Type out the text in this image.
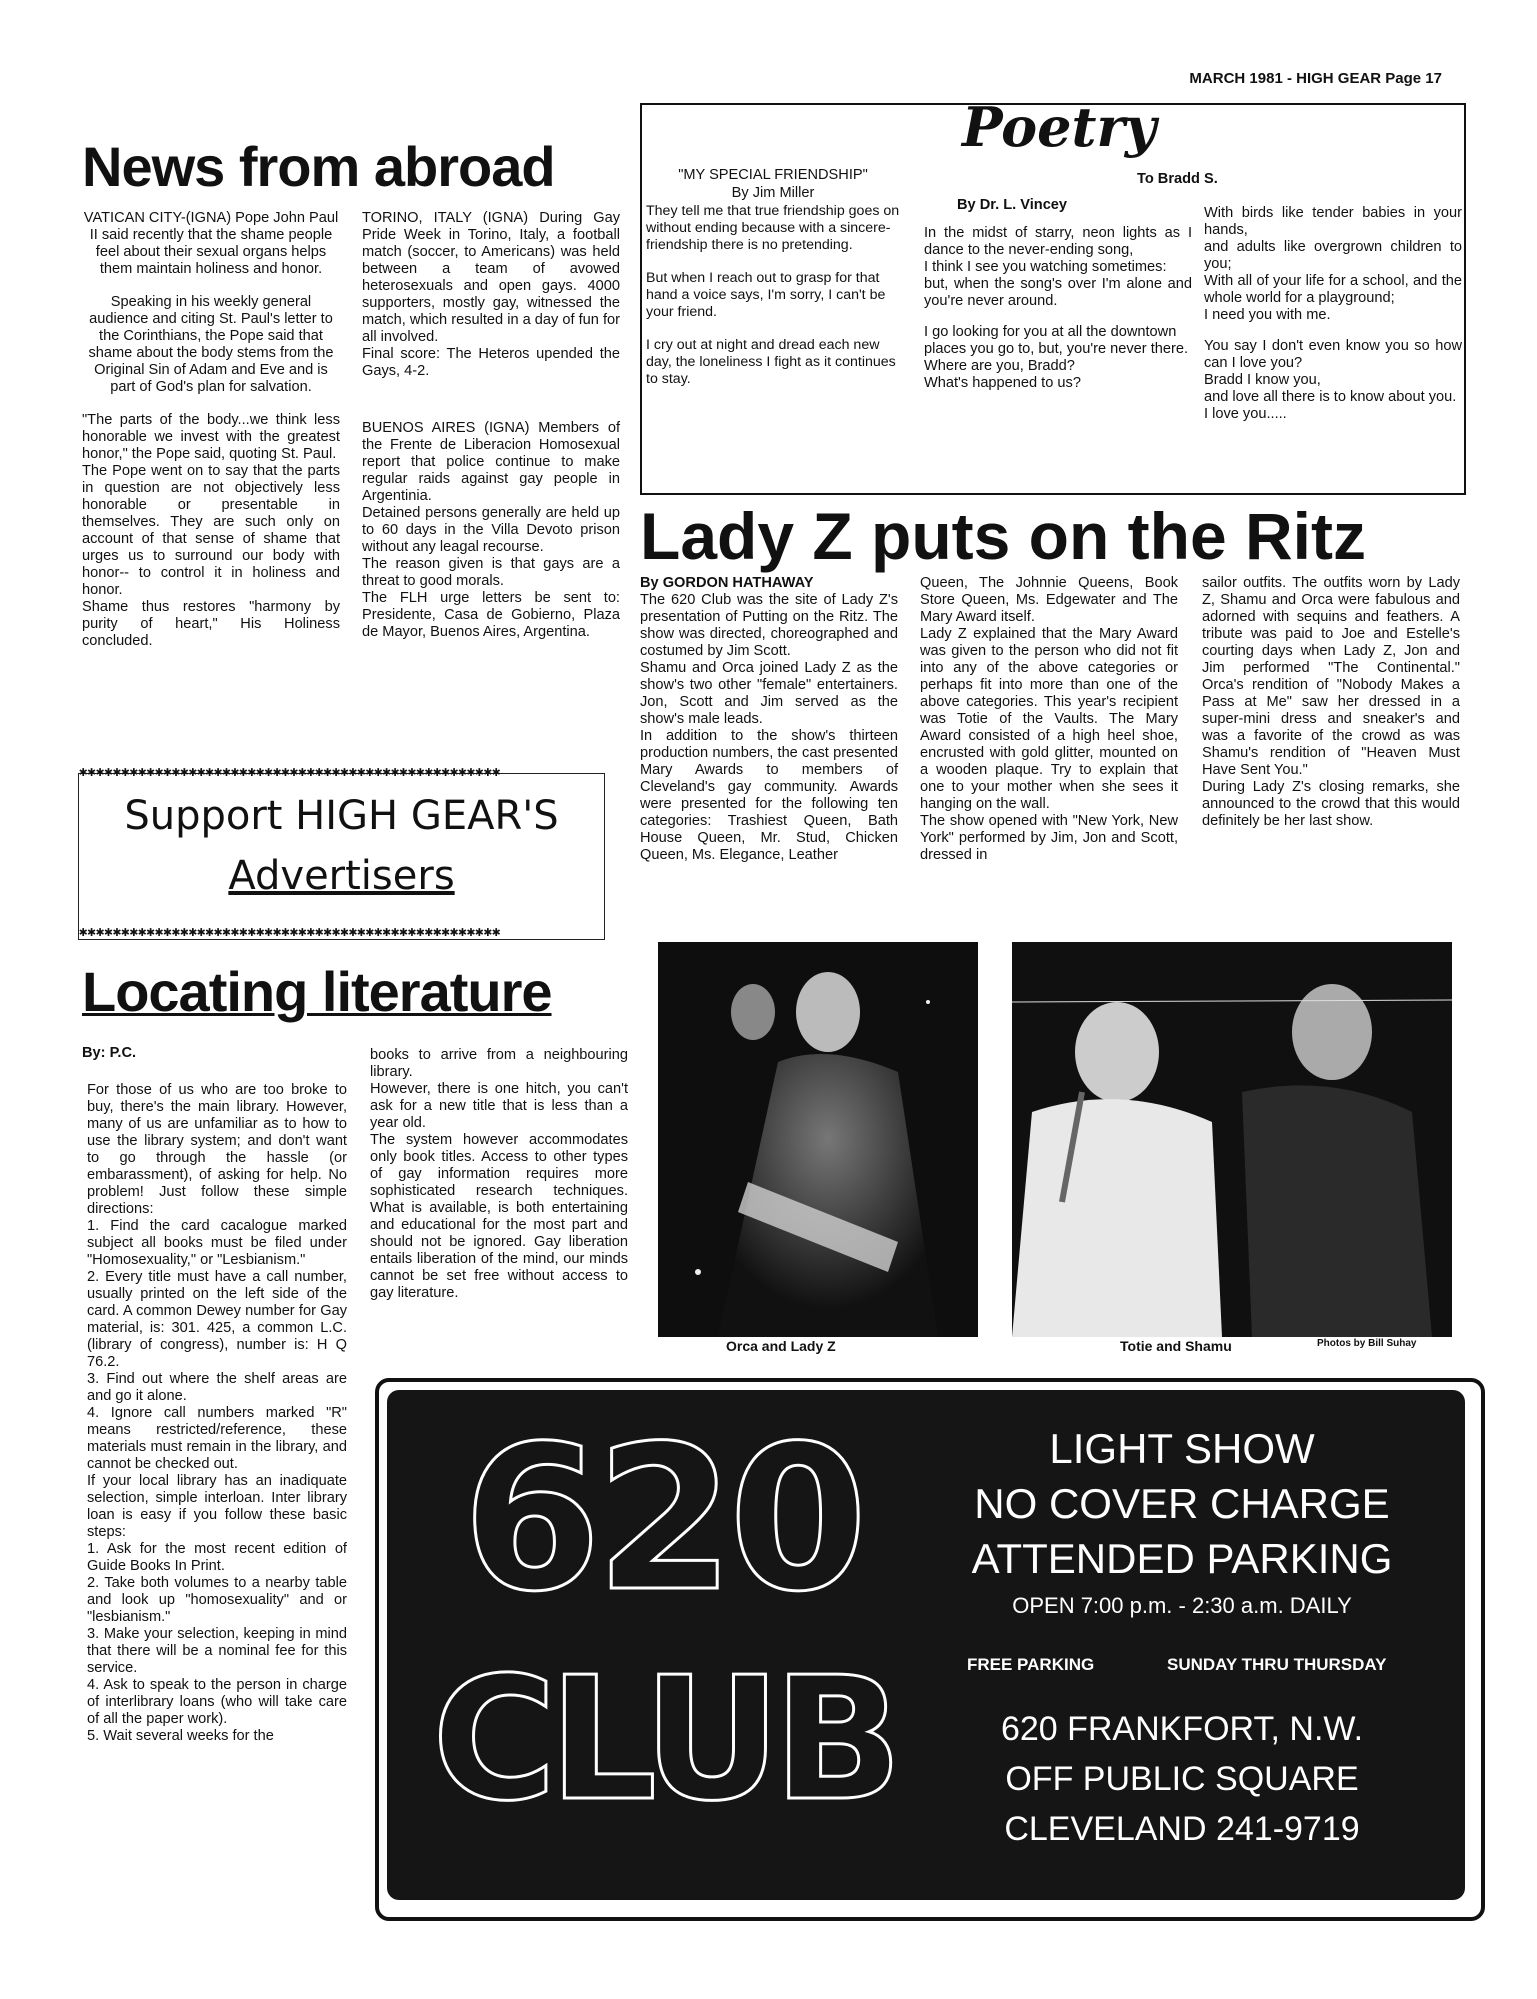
MARCH 1981 - HIGH GEAR Page 17
News from abroad

VATICAN CITY-(IGNA) Pope John Paul II said recently that the shame people feel about their sexual organs helps them maintain holiness and honor.

Speaking in his weekly general audience and citing St. Paul's letter to the Corinthians, the Pope said that shame about the body stems from the Original Sin of Adam and Eve and is part of God's plan for salvation.

"The parts of the body...we think less honorable we invest with the greatest honor," the Pope said, quoting St. Paul.
The Pope went on to say that the parts in question are not objectively less honorable or presentable in themselves. They are such only on account of that sense of shame that urges us to surround our body with honor-- to control it in holiness and honor.
Shame thus restores "harmony by purity of heart," His Holiness concluded.

TORINO, ITALY (IGNA) During Gay Pride Week in Torino, Italy, a football match (soccer, to Americans) was held between a team of avowed heterosexuals and open gays. 4000 supporters, mostly gay, witnessed the match, which resulted in a day of fun for all involved.
Final score: The Heteros upended the Gays, 4-2.

BUENOS AIRES (IGNA) Members of the Frente de Liberacion Homosexual report that police continue to make regular raids against gay people in Argentinia.
Detained persons generally are held up to 60 days in the Villa Devoto prison without any leagal recourse.
The reason given is that gays are a threat to good morals.
The FLH urge letters be sent to: Presidente, Casa de Gobierno, Plaza de Mayor, Buenos Aires, Argentina.

✱✱✱✱✱✱✱✱✱✱✱✱✱✱✱✱✱✱✱✱✱✱✱✱✱✱✱✱✱✱✱✱✱✱✱✱✱✱✱✱✱✱✱✱✱✱✱✱✱✱
✱✱✱✱✱✱✱✱✱✱✱✱✱✱✱✱✱✱✱✱✱✱✱✱✱✱✱✱✱✱✱✱✱✱✱✱✱✱✱✱✱✱✱✱✱✱✱✱✱✱
Support HIGH GEAR'S
Advertisers
Poetry
To Bradd S.
"MY SPECIAL FRIENDSHIP"
By Jim Miller

They tell me that true friendship goes on without ending because with a sincere-friendship there is no pretending.

But when I reach out to grasp for that hand a voice says, I'm sorry, I can't be your friend.

I cry out at night and dread each new day, the loneliness I fight as it continues to stay.

By Dr. L. Vincey

In the midst of starry, neon lights as I dance to the never-ending song,
I think I see you watching sometimes:
but, when the song's over I'm alone and you're never around.

I go looking for you at all the downtown places you go to, but, you're never there.
Where are you, Bradd?
What's happened to us?

With birds like tender babies in your hands,
and adults like overgrown children to you;
With all of your life for a school, and the whole world for a playground;
I need you with me.

You say I don't even know you so how can I love you?
Bradd I know you,
and love all there is to know about you.
I love you.....

Lady Z puts on the Ritz
By GORDON HATHAWAY

The 620 Club was the site of Lady Z's presentation of Putting on the Ritz. The show was directed, choreographed and costumed by Jim Scott.
Shamu and Orca joined Lady Z as the show's two other "female" entertainers. Jon, Scott and Jim served as the show's male leads.
In addition to the show's thirteen production numbers, the cast presented Mary Awards to members of Cleveland's gay community. Awards were presented for the following ten categories: Trashiest Queen, Bath House Queen, Mr. Stud, Chicken Queen, Ms. Elegance, Leather

Queen, The Johnnie Queens, Book Store Queen, Ms. Edgewater and The Mary Award itself.
Lady Z explained that the Mary Award was given to the person who did not fit into any of the above categories or perhaps fit into more than one of the above categories. This year's recipient was Totie of the Vaults. The Mary Award consisted of a high heel shoe, encrusted with gold glitter, mounted on a wooden plaque. Try to explain that one to your mother when she sees it hanging on the wall.
The show opened with "New York, New York" performed by Jim, Jon and Scott, dressed in

sailor outfits. The outfits worn by Lady Z, Shamu and Orca were fabulous and adorned with sequins and feathers. A tribute was paid to Joe and Estelle's courting days when Lady Z, Jon and Jim performed "The Continental." Orca's rendition of "Nobody Makes a Pass at Me" saw her dressed in a super-mini dress and sneaker's and was a favorite of the crowd as was Shamu's rendition of "Heaven Must Have Sent You."
During Lady Z's closing remarks, she announced to the crowd that this would definitely be her last show.

Orca and Lady Z	Totie and Shamu	Photos by Bill Suhay
Locating literature
By: P.C.

For those of us who are too broke to buy, there's the main library. However, many of us are unfamiliar as to how to use the library system; and don't want to go through the hassle (or embarassment), of asking for help. No problem! Just follow these simple directions:
1. Find the card cacalogue marked subject all books must be filed under "Homosexuality," or "Lesbianism."
2. Every title must have a call number, usually printed on the left side of the card. A common Dewey number for Gay material, is: 301. 425, a common L.C. (library of congress), number is: H Q 76.2.
3. Find out where the shelf areas are and go it alone.
4. Ignore call numbers marked "R" means restricted/reference, these materials must remain in the library, and cannot be checked out.
If your local library has an inadiquate selection, simple interloan. Inter library loan is easy if you follow these basic steps:
1. Ask for the most recent edition of Guide Books In Print.
2. Take both volumes to a nearby table and look up "homosexuality" and or "lesbianism."
3. Make your selection, keeping in mind that there will be a nominal fee for this service.
4. Ask to speak to the person in charge of interlibrary loans (who will take care of all the paper work).
5. Wait several weeks for the

books to arrive from a neighbouring library.
However, there is one hitch, you can't ask for a new title that is less than a year old.
The system however accommodates only book titles. Access to other types of gay information requires more sophisticated research techniques. What is available, is both entertaining and educational for the most part and should not be ignored. Gay liberation entails liberation of the mind, our minds cannot be set free without access to gay literature.

620
CLUB
LIGHT SHOW
NO COVER CHARGE
ATTENDED PARKING
OPEN 7:00 p.m. - 2:30 a.m. DAILY
FREE PARKING	SUNDAY THRU THURSDAY
620 FRANKFORT, N.W.
OFF PUBLIC SQUARE
CLEVELAND 241-9719
